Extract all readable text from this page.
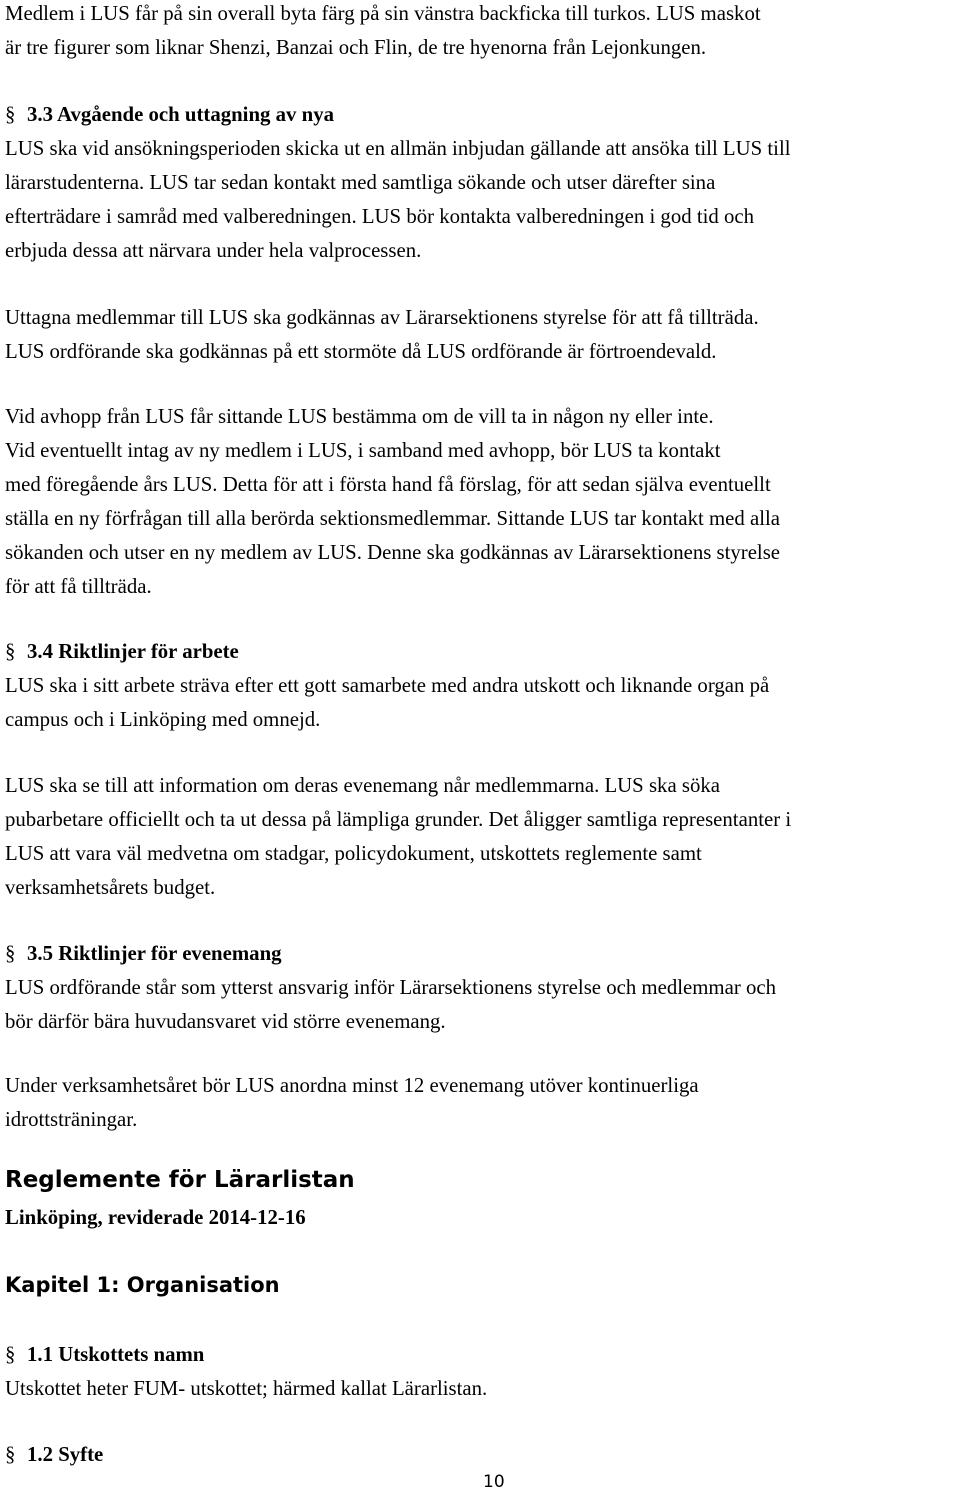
Medlem i LUS får på sin overall byta färg på sin vänstra backficka till turkos. LUS maskot
är tre figurer som liknar Shenzi, Banzai och Flin, de tre hyenorna från Lejonkungen.
§ 3.3 Avgående och uttagning av nya
LUS ska vid ansökningsperioden skicka ut en allmän inbjudan gällande att ansöka till LUS till
lärarstudenterna. LUS tar sedan kontakt med samtliga sökande och utser därefter sina
efterträdare i samråd med valberedningen. LUS bör kontakta valberedningen i god tid och
erbjuda dessa att närvara under hela valprocessen.
Uttagna medlemmar till LUS ska godkännas av Lärarsektionens styrelse för att få tillträda.
LUS ordförande ska godkännas på ett stormöte då LUS ordförande är förtroendevald.
Vid avhopp från LUS får sittande LUS bestämma om de vill ta in någon ny eller inte.
Vid eventuellt intag av ny medlem i LUS, i samband med avhopp, bör LUS ta kontakt
med föregående års LUS. Detta för att i första hand få förslag, för att sedan själva eventuellt
ställa en ny förfrågan till alla berörda sektionsmedlemmar. Sittande LUS tar kontakt med alla
sökanden och utser en ny medlem av LUS. Denne ska godkännas av Lärarsektionens styrelse
för att få tillträda.
§ 3.4 Riktlinjer för arbete
LUS ska i sitt arbete sträva efter ett gott samarbete med andra utskott och liknande organ på
campus och i Linköping med omnejd.
LUS ska se till att information om deras evenemang når medlemmarna. LUS ska söka
pubarbetare officiellt och ta ut dessa på lämpliga grunder. Det åligger samtliga representanter i
LUS att vara väl medvetna om stadgar, policydokument, utskottets reglemente samt
verksamhetsårets budget.
§ 3.5 Riktlinjer för evenemang
LUS ordförande står som ytterst ansvarig inför Lärarsektionens styrelse och medlemmar och
bör därför bära huvudansvaret vid större evenemang.
Under verksamhetsåret bör LUS anordna minst 12 evenemang utöver kontinuerliga
idrottsträningar.
Reglemente för Lärarlistan
Linköping, reviderade 2014-12-16
Kapitel 1: Organisation
§ 1.1 Utskottets namn
Utskottet heter FUM- utskottet; härmed kallat Lärarlistan.
§ 1.2 Syfte
10
